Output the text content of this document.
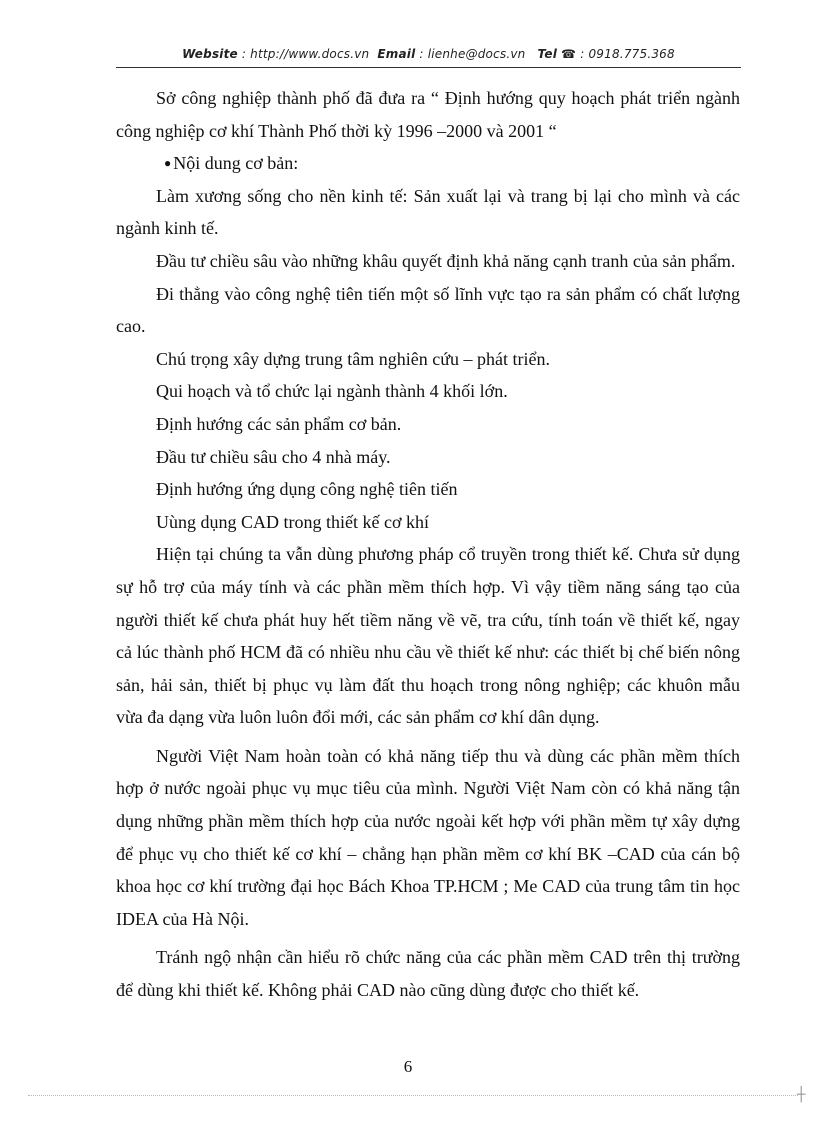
Website : http://www.docs.vn Email : lienhe@docs.vn Tel ☎ : 0918.775.368

Sở công nghiệp thành phố đã đưa ra “ Định hướng quy hoạch phát triển ngành công nghiệp cơ khí Thành Phố thời kỳ 1996 –2000 và 2001 “

● Nội dung cơ bản:

Làm xương sống cho nền kinh tế: Sản xuất lại và trang bị lại cho mình và các ngành kinh tế.

Đầu tư chiều sâu vào những khâu quyết định khả năng cạnh tranh của sản phẩm.

Đi thẳng vào công nghệ tiên tiến một số lĩnh vực tạo ra sản phẩm có chất lượng cao.

Chú trọng xây dựng trung tâm nghiên cứu – phát triển.

Qui hoạch và tổ chức lại ngành thành 4 khối lớn.

Định hướng các sản phẩm cơ bản.

Đầu tư chiều sâu cho 4 nhà máy.

Định hướng ứng dụng công nghệ tiên tiến

Uùng dụng CAD trong thiết kế cơ khí

Hiện tại chúng ta vẫn dùng phương pháp cổ truyền trong thiết kế. Chưa sử dụng sự hỗ trợ của máy tính và các phần mềm thích hợp. Vì vậy tiềm năng sáng tạo của người thiết kế chưa phát huy hết tiềm năng về vẽ, tra cứu, tính toán về thiết kế, ngay cả lúc thành phố HCM đã có nhiều nhu cầu về thiết kế như: các thiết bị chế biến nông sản, hải sản, thiết bị phục vụ làm đất thu hoạch trong nông nghiệp; các khuôn mẫu vừa đa dạng vừa luôn luôn đổi mới, các sản phẩm cơ khí dân dụng.

Người Việt Nam hoàn toàn có khả năng tiếp thu và dùng các phần mềm thích hợp ở nước ngoài phục vụ mục tiêu của mình. Người Việt Nam còn có khả năng tận dụng những phần mềm thích hợp của nước ngoài kết hợp với phần mềm tự xây dựng để phục vụ cho thiết kế cơ khí – chẳng hạn phần mềm cơ khí BK –CAD của cán bộ khoa học cơ khí trường đại học Bách Khoa TP.HCM ; Me CAD của trung tâm tin học IDEA của Hà Nội.

Tránh ngộ nhận cần hiểu rõ chức năng của các phần mềm CAD trên thị trường để dùng khi thiết kế. Không phải CAD nào cũng dùng được cho thiết kế.

6
┼
